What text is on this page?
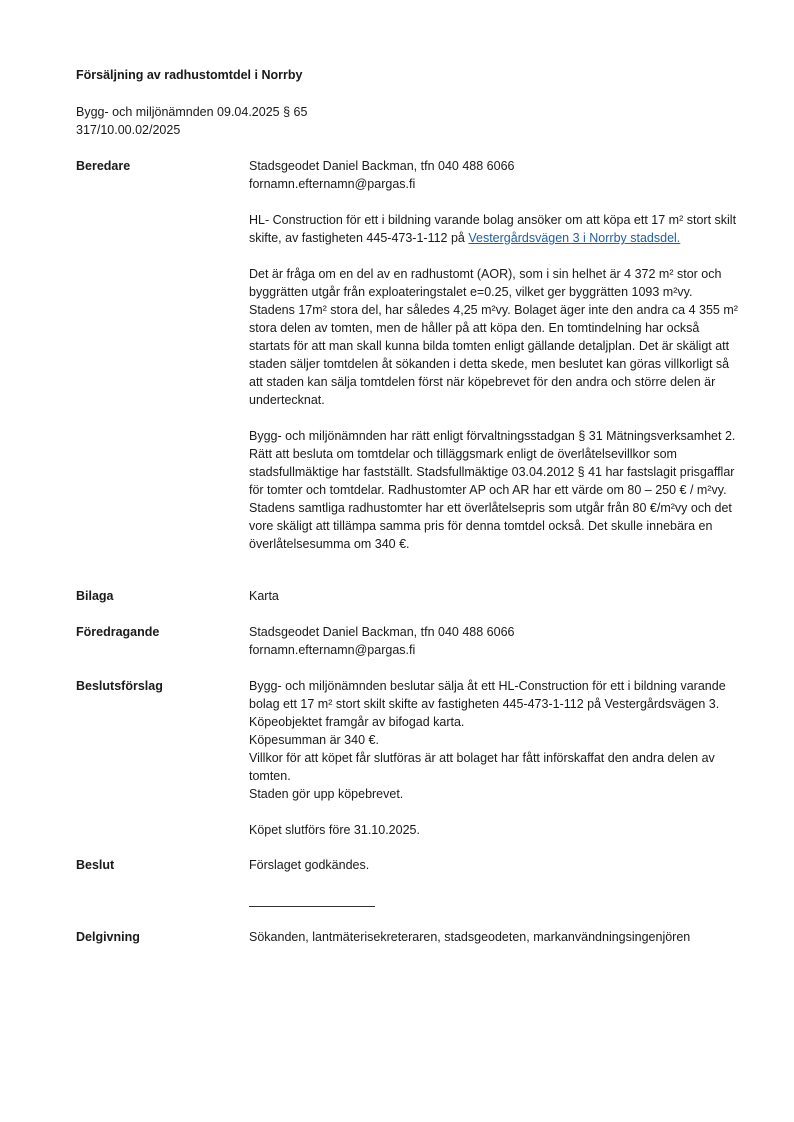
Försäljning av radhustomtdel i Norrby
Bygg- och miljönämnden 09.04.2025 § 65
317/10.00.02/2025
Beredare	Stadsgeodet Daniel Backman, tfn 040 488 6066

fornamn.efternamn@pargas.fi

HL- Construction för ett i bildning varande bolag ansöker om att köpa ett 17 m² stort skilt skifte, av fastigheten 445-473-1-112 på Vestergårdsvägen 3 i Norrby stadsdel.

Det är fråga om en del av en radhustomt (AOR), som i sin helhet är 4 372 m² stor och byggrätten utgår från exploateringstalet e=0.25, vilket ger byggrätten 1093 m²vy. Stadens 17m² stora del, har således 4,25 m²vy. Bolaget äger inte den andra ca 4 355 m² stora delen av tomten, men de håller på att köpa den. En tomtindelning har också startats för att man skall kunna bilda tomten enligt gällande detaljplan. Det är skäligt att staden säljer tomtdelen åt sökanden i detta skede, men beslutet kan göras villkorligt så att staden kan sälja tomtdelen först när köpebrevet för den andra och större delen är undertecknat.

Bygg- och miljönämnden har rätt enligt förvaltningsstadgan § 31 Mätningsverksamhet 2. Rätt att besluta om tomtdelar och tilläggsmark enligt de överlåtelsevillkor som stadsfullmäktige har fastställt. Stadsfullmäktige 03.04.2012 § 41 har fastslagit prisgafflar för tomter och tomtdelar. Radhustomter AP och AR har ett värde om 80 – 250 € / m²vy. Stadens samtliga radhustomter har ett överlåtelsepris som utgår från 80 €/m²vy och det vore skäligt att tillämpa samma pris för denna tomtdel också. Det skulle innebära en överlåtelsesumma om 340 €.

Bilaga	Karta

Föredragande	Stadsgeodet Daniel Backman, tfn 040 488 6066

fornamn.efternamn@pargas.fi

Beslutsförslag	Bygg- och miljönämnden beslutar sälja åt ett HL-Construction för ett i bildning varande bolag ett 17 m² stort skilt skifte av fastigheten 445-473-1-112 på Vestergårdsvägen 3. Köpeobjektet framgår av bifogad karta.

Köpesumman är 340 €.

Villkor för att köpet får slutföras är att bolaget har fått införskaffat den andra delen av tomten.

Staden gör upp köpebrevet.

Köpet slutförs före 31.10.2025.

Beslut	Förslaget godkändes.

Delgivning	Sökanden, lantmäterisekreteraren, stadsgeodeten, markanvändningsingenjören
